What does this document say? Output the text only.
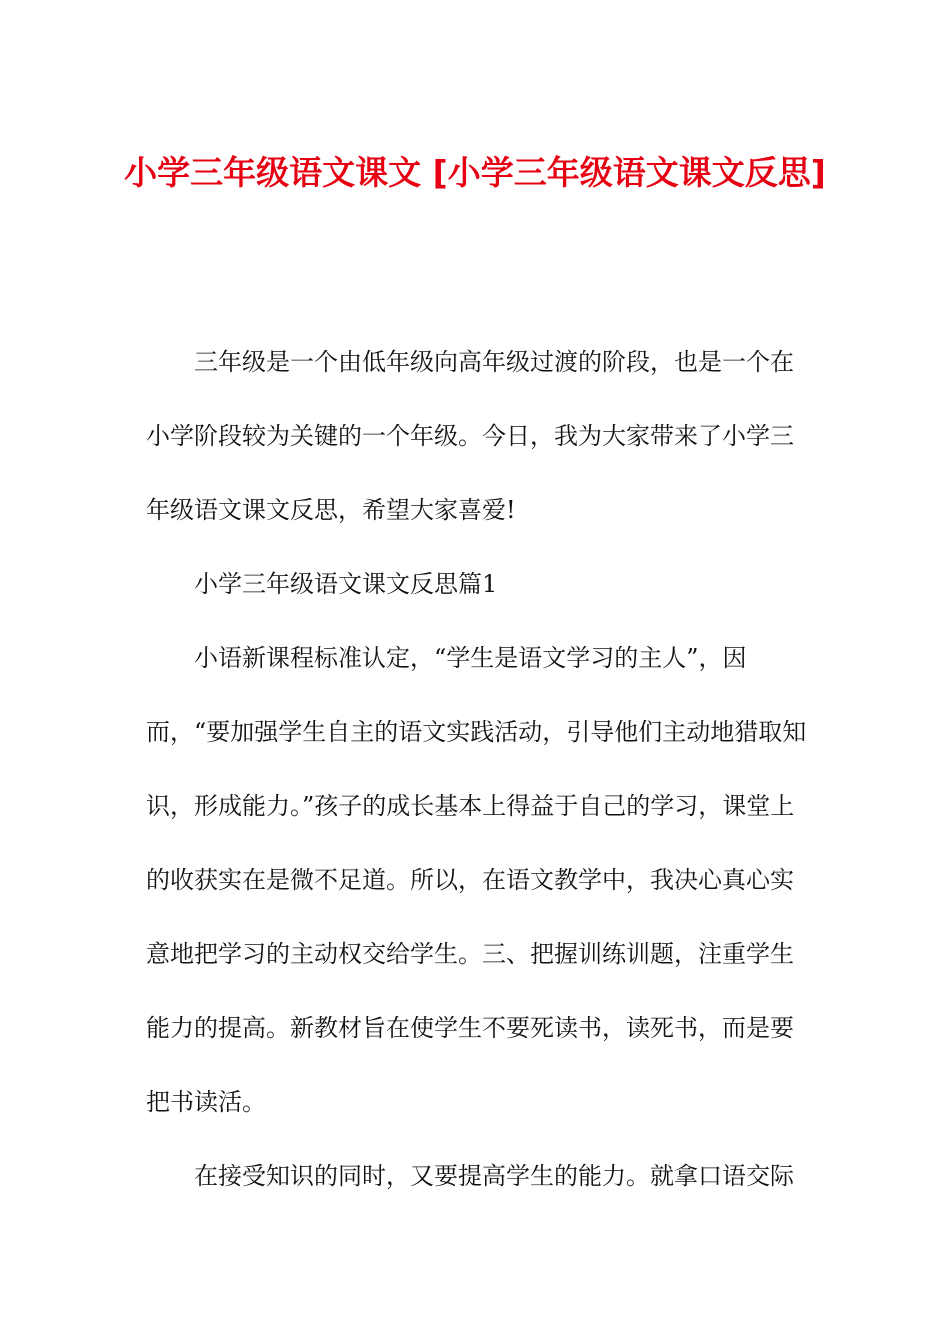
小学三年级语文课文 [小学三年级语文课文反思]

三年级是一个由低年级向高年级过渡的阶段，也是一个在小学阶段较为关键的一个年级。今日，我为大家带来了小学三年级语文课文反思，希望大家喜爱!

小学三年级语文课文反思篇1

小语新课程标准认定，“学生是语文学习的主人”，因而，“要加强学生自主的语文实践活动，引导他们主动地猎取知识，形成能力。”孩子的成长基本上得益于自己的学习，课堂上的收获实在是微不足道。所以，在语文教学中，我决心真心实意地把学习的主动权交给学生。三、把握训练训题，注重学生能力的提高。新教材旨在使学生不要死读书，读死书，而是要把书读活。

在接受知识的同时，又要提高学生的能力。就拿口语交际
